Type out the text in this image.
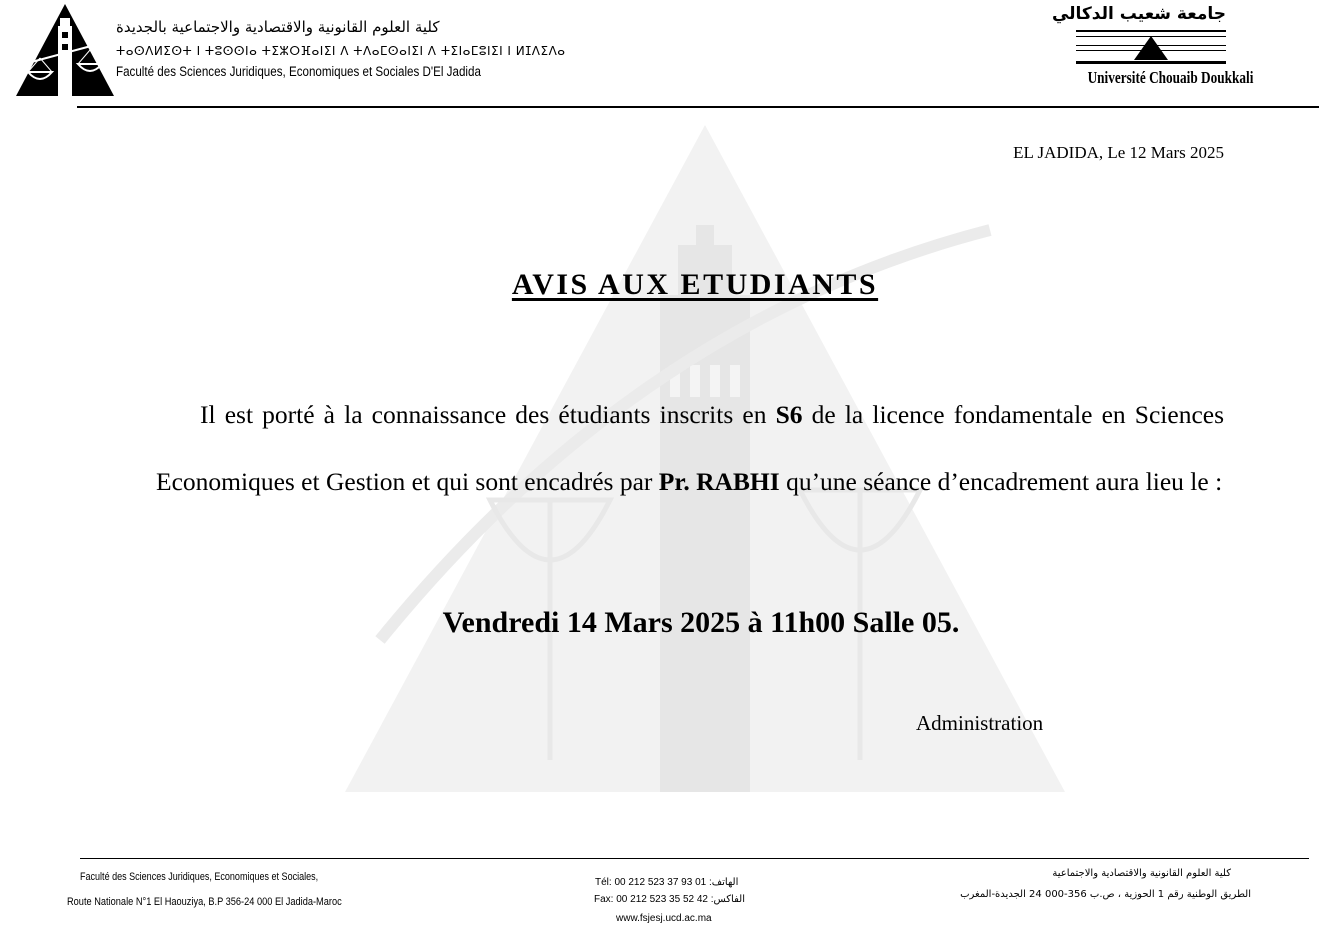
كلية العلوم القانونية والاقتصادية والاجتماعية بالجديدة
ⵜⴰⵙⴷⵍⵉⵙⵜ ⵏ ⵜⵓⵙⵙⵏⴰ ⵜⵉⵣⵔⴼⴰⵏⵉⵏ ⴷ ⵜⴷⴰⵎⵙⴰⵏⵉⵏ ⴷ ⵜⵉⵏⴰⵎⵓⵏⵉⵏ ⵏ ⵍⵊⴷⵉⴷⴰ
Faculté des Sciences Juridiques, Economiques et Sociales D'El Jadida
جامعة شعيب الدكالي
Université Chouaib Doukkali
EL JADIDA, Le 12 Mars 2025
AVIS AUX ETUDIANTS
Il est porté à la connaissance des étudiants inscrits en S6 de la licence fondamentale en Sciences Economiques et Gestion et qui sont encadrés par Pr. RABHI qu’une séance d’encadrement aura lieu le :
Vendredi 14 Mars 2025 à 11h00 Salle 05.
Administration
Faculté des Sciences Juridiques, Economiques et Sociales,
Route Nationale N°1 El Haouziya, B.P 356-24 000 El Jadida-Maroc
Tél: 00 212 523 37 93 01 :الهاتف
Fax: 00 212 523 35 52 42 :الفاكس
www.fsjesj.ucd.ac.ma
كلية العلوم القانونية والاقتصادية والاجتماعية
الطريق الوطنية رقم 1 الحوزية ، ص.ب 356-000 24 الجديدة-المغرب
